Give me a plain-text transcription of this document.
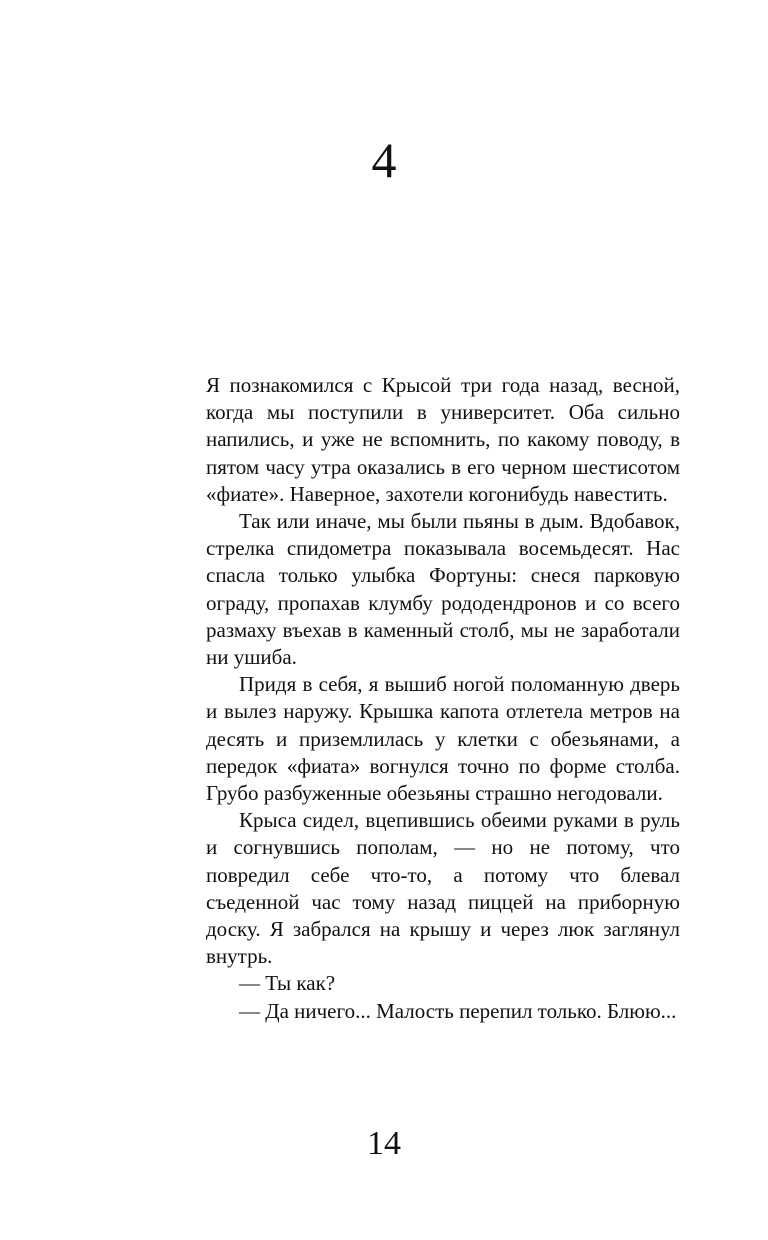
4

Я познакомился с Крысой три года назад, весной, когда мы поступили в университет. Оба сильно напились, и уже не вспомнить, по какому поводу, в пятом часу утра оказались в его черном шестисотом «фиате». Наверное, захотели когонибудь навестить.

Так или иначе, мы были пьяны в дым. Вдобавок, стрелка спидометра показывала восемьдесят. Нас спасла только улыбка Фортуны: снеся парковую ограду, пропахав клумбу рододендронов и со всего размаху въехав в каменный столб, мы не заработали ни ушиба.

Придя в себя, я вышиб ногой поломанную дверь и вылез наружу. Крышка капота отлетела метров на десять и приземлилась у клетки с обезьянами, а передок «фиата» вогнулся точно по форме столба. Грубо разбуженные обезьяны страшно негодовали.

Крыса сидел, вцепившись обеими руками в руль и согнувшись пополам, — но не потому, что повредил себе что-то, а потому что блевал съеденной час тому назад пиццей на приборную доску. Я забрался на крышу и через люк заглянул внутрь.

— Ты как?

— Да ничего... Малость перепил только. Блюю...

14
